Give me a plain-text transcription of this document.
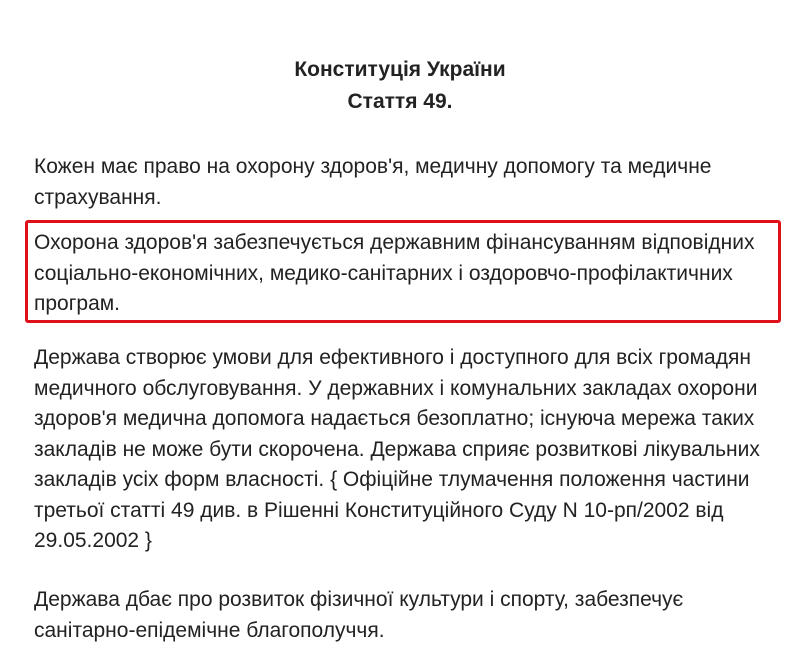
Конституція України
Стаття 49.
Кожен має право на охорону здоров'я, медичну допомогу та медичне страхування.
Охорона здоров'я забезпечується державним фінансуванням відповідних соціально-економічних, медико-санітарних і оздоровчо-профілактичних програм.
Держава створює умови для ефективного і доступного для всіх громадян медичного обслуговування. У державних і комунальних закладах охорони здоров'я медична допомога надається безоплатно; існуюча мережа таких закладів не може бути скорочена. Держава сприяє розвиткові лікувальних закладів усіх форм власності. { Офіційне тлумачення положення частини третьої статті 49 див. в Рішенні Конституційного Суду N 10-рп/2002 від 29.05.2002 }
Держава дбає про розвиток фізичної культури і спорту, забезпечує санітарно-епідемічне благополуччя.
